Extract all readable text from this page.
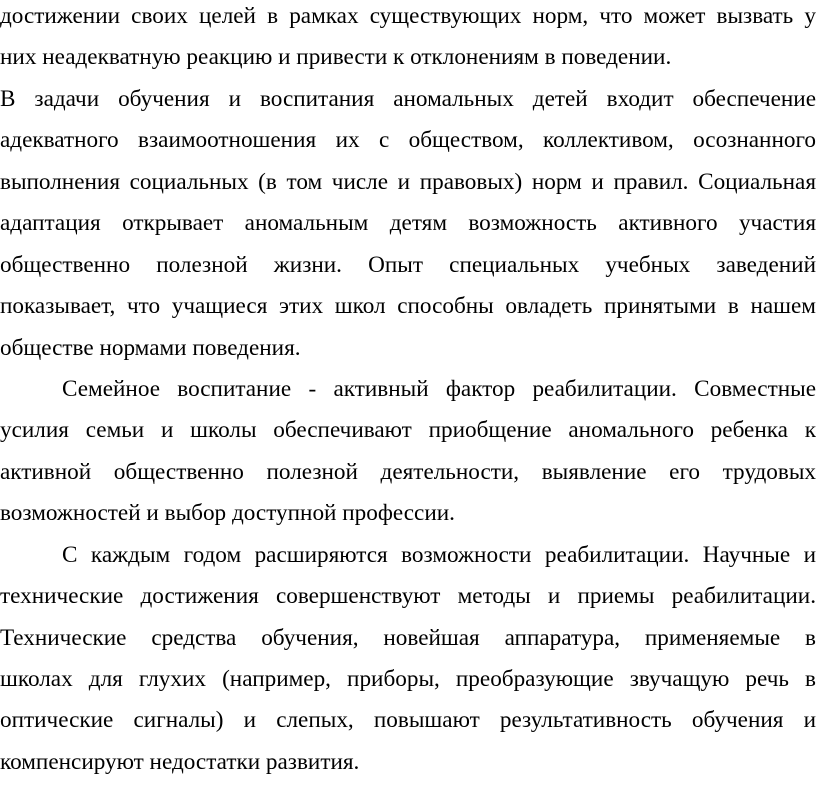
достижении своих целей в рамках существующих норм, что может вызвать у
них неадекватную реакцию и привести к отклонениям в поведении.
В задачи обучения и воспитания аномальных детей входит обеспечение
адекватного взаимоотношения их с обществом, коллективом, осознанного
выполнения социальных (в том числе и правовых) норм и правил. Социальная
адаптация открывает аномальным детям возможность активного участия
общественно полезной жизни. Опыт специальных учебных заведений
показывает, что учащиеся этих школ способны овладеть принятыми в нашем
обществе нормами поведения.
Семейное воспитание - активный фактор реабилитации. Совместные
усилия семьи и школы обеспечивают приобщение аномального ребенка к
активной общественно полезной деятельности, выявление его трудовых
возможностей и выбор доступной профессии.
С каждым годом расширяются возможности реабилитации. Научные и
технические достижения совершенствуют методы и приемы реабилитации.
Технические средства обучения, новейшая аппаратура, применяемые в
школах для глухих (например, приборы, преобразующие звучащую речь в
оптические сигналы) и слепых, повышают результативность обучения и
компенсируют недостатки развития.
